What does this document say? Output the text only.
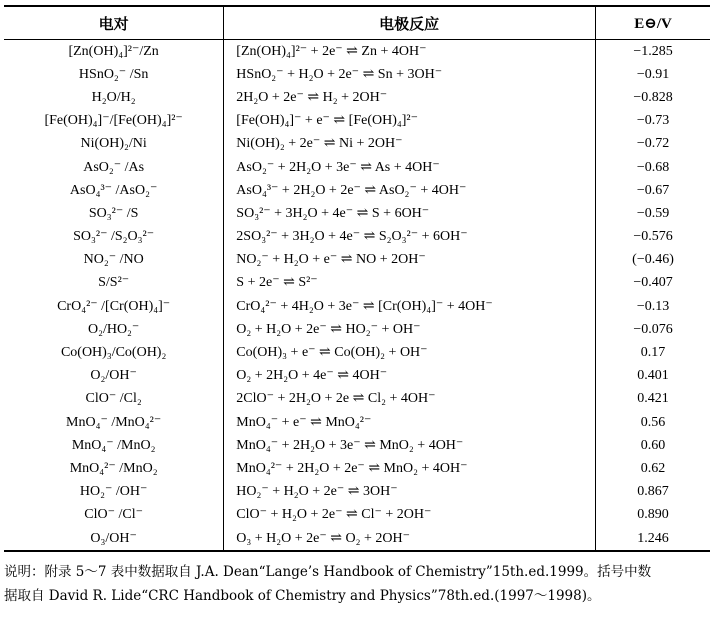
电对	电极反应	E⊖/V
[Zn(OH)₄]²⁻/Zn	[Zn(OH)₄]²⁻ + 2e⁻ ⇌ Zn + 4OH⁻	−1.285
HSnO₂⁻ /Sn	HSnO₂⁻ + H₂O + 2e⁻ ⇌ Sn + 3OH⁻	−0.91
H₂O/H₂	2H₂O + 2e⁻ ⇌ H₂ + 2OH⁻	−0.828
[Fe(OH)₄]⁻/[Fe(OH)₄]²⁻	[Fe(OH)₄]⁻ + e⁻ ⇌ [Fe(OH)₄]²⁻	−0.73
Ni(OH)₂/Ni	Ni(OH)₂ + 2e⁻ ⇌ Ni + 2OH⁻	−0.72
AsO₂⁻ /As	AsO₂⁻ + 2H₂O + 3e⁻ ⇌ As + 4OH⁻	−0.68
AsO₄³⁻ /AsO₂⁻	AsO₄³⁻ + 2H₂O + 2e⁻ ⇌ AsO₂⁻ + 4OH⁻	−0.67
SO₃²⁻ /S	SO₃²⁻ + 3H₂O + 4e⁻ ⇌ S + 6OH⁻	−0.59
SO₃²⁻ /S₂O₃²⁻	2SO₃²⁻ + 3H₂O + 4e⁻ ⇌ S₂O₃²⁻ + 6OH⁻	−0.576
NO₂⁻ /NO	NO₂⁻ + H₂O + e⁻ ⇌ NO + 2OH⁻	(−0.46)
S/S²⁻	S + 2e⁻ ⇌ S²⁻	−0.407
CrO₄²⁻ /[Cr(OH)₄]⁻	CrO₄²⁻ + 4H₂O + 3e⁻ ⇌ [Cr(OH)₄]⁻ + 4OH⁻	−0.13
O₂/HO₂⁻	O₂ + H₂O + 2e⁻ ⇌ HO₂⁻ + OH⁻	−0.076
Co(OH)₃/Co(OH)₂	Co(OH)₃ + e⁻ ⇌ Co(OH)₂ + OH⁻	0.17
O₂/OH⁻	O₂ + 2H₂O + 4e⁻ ⇌ 4OH⁻	0.401
ClO⁻ /Cl₂	2ClO⁻ + 2H₂O + 2e ⇌ Cl₂ + 4OH⁻	0.421
MnO₄⁻ /MnO₄²⁻	MnO₄⁻ + e⁻ ⇌ MnO₄²⁻	0.56
MnO₄⁻ /MnO₂	MnO₄⁻ + 2H₂O + 3e⁻ ⇌ MnO₂ + 4OH⁻	0.60
MnO₄²⁻ /MnO₂	MnO₄²⁻ + 2H₂O + 2e⁻ ⇌ MnO₂ + 4OH⁻	0.62
HO₂⁻ /OH⁻	HO₂⁻ + H₂O + 2e⁻ ⇌ 3OH⁻	0.867
ClO⁻ /Cl⁻	ClO⁻ + H₂O + 2e⁻ ⇌ Cl⁻ + 2OH⁻	0.890
O₃/OH⁻	O₃ + H₂O + 2e⁻ ⇌ O₂ + 2OH⁻	1.246

说明：附录 5～7 表中数据取自 J.A. Dean“Lange’s Handbook of Chemistry”15th.ed.1999。括号中数

据取自 David R. Lide“CRC Handbook of Chemistry and Physics”78th.ed.(1997～1998)。
